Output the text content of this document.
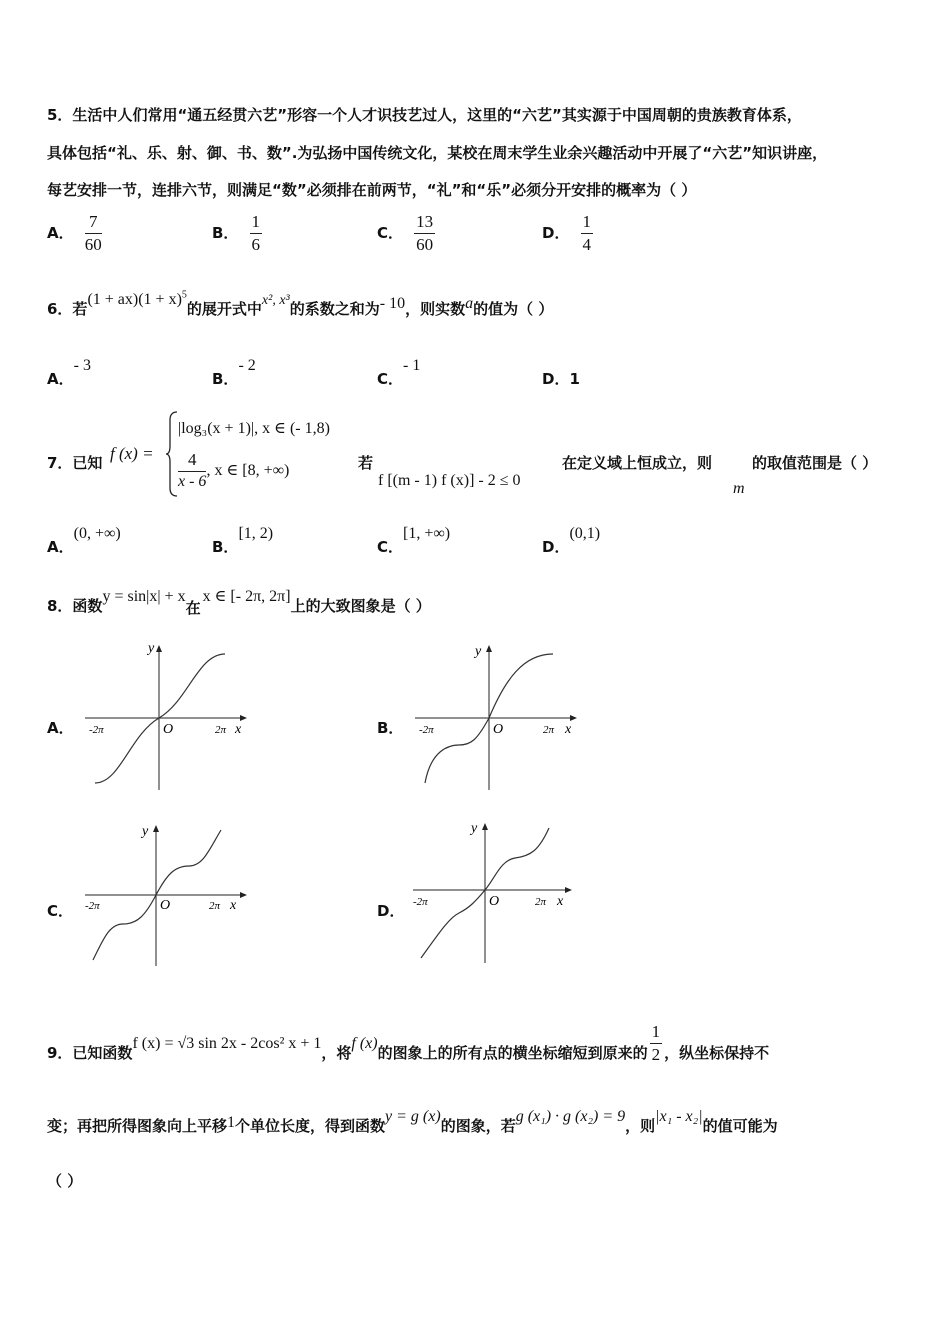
5．生活中人们常用“通五经贯六艺”形容一个人才识技艺过人，这里的“六艺”其实源于中国周朝的贵族教育体系，
具体包括“礼、乐、射、御、书、数”.为弘扬中国传统文化，某校在周末学生业余兴趣活动中开展了“六艺”知识讲座，
每艺安排一节，连排六节，则满足“数”必须排在前两节，“礼”和“乐”必须分开安排的概率为（ ）
A． $\frac{7}{60}$	B． $\frac{1}{6}$	C． $\frac{13}{60}$	D． $\frac{1}{4}$
6．若$(1 + ax)(1 + x)^5$的展开式中x², x³的系数之和为- 10，则实数a的值为（ ）
A．- 3
B．- 2
C．- 1
D．1
7．已知 f (x) =
|log₃(x + 1)|, x ∈ (- 1,8)
$\frac{4}{x - 6}$ , x ∈ [8, +∞)	若
f [(m - 1) f (x)] - 2 ≤ 0
在定义域上恒成立，则
m
的取值范围是（ ）
A．(0, +∞)
B．[1, 2)
C．[1, +∞)
D．(0,1)
8．函数y = sin|x| + x在x ∈ [- 2π, 2π]上的大致图象是（ ）
A．
y
O	x
-2π	2π	B．
y
O	x
-2π	2π
C．
y
O	x
-2π	2π	D．
y
O	x
-2π	2π
9．已知函数f (x) = √3 sin 2x - 2cos² x + 1，将f (x)的图象上的所有点的横坐标缩短到原来的 $\frac{1}{2}$ ，纵坐标保持不
变；再把所得图象向上平移1个单位长度，得到函数y = g (x)的图象，若g (x₁) · g (x₂) = 9，则|x₁ - x₂|的值可能为
（ ）
